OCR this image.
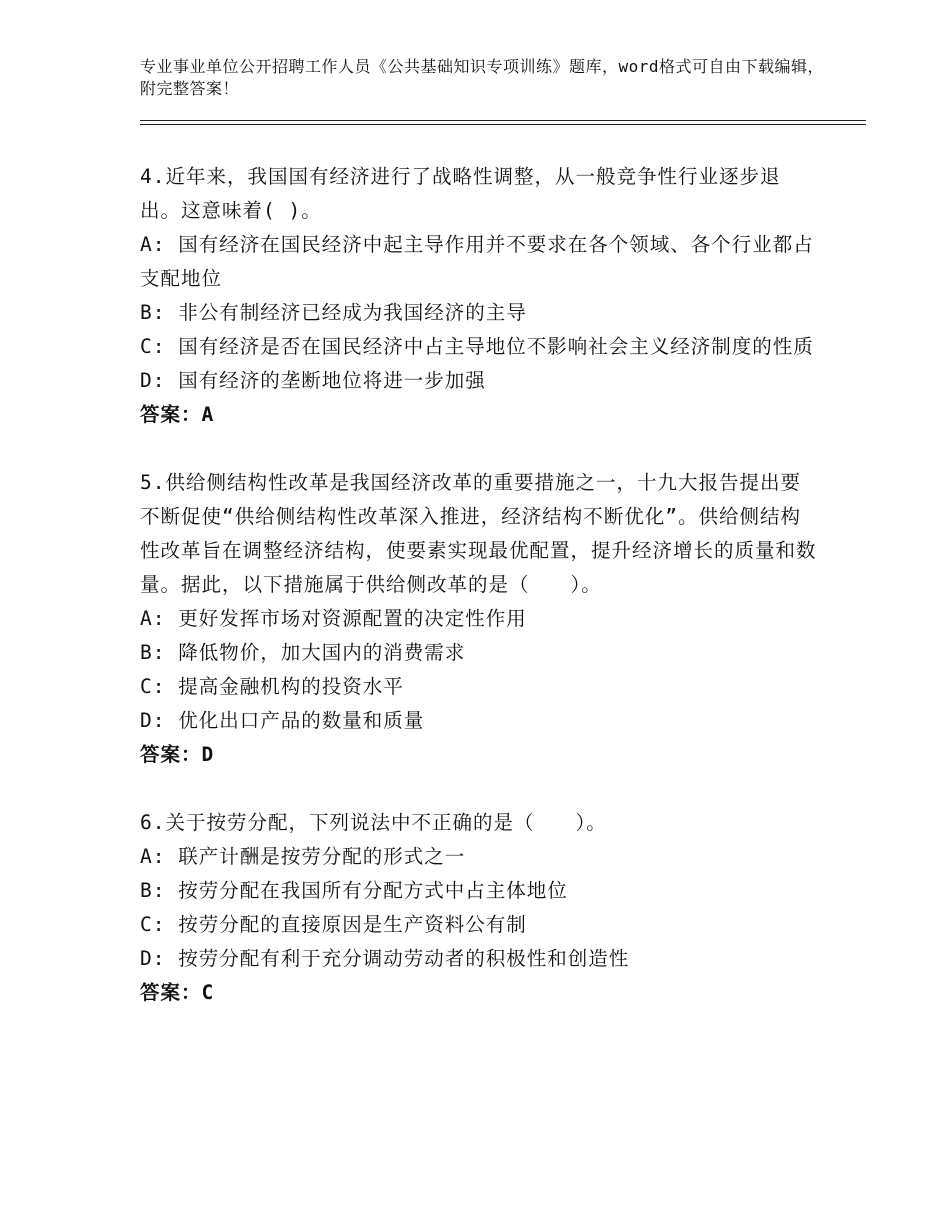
专业事业单位公开招聘工作人员《公共基础知识专项训练》题库，word格式可自由下载编辑，附完整答案！

4.近年来，我国国有经济进行了战略性调整，从一般竞争性行业逐步退出。这意味着( )。

A: 国有经济在国民经济中起主导作用并不要求在各个领域、各个行业都占支配地位

B: 非公有制经济已经成为我国经济的主导

C: 国有经济是否在国民经济中占主导地位不影响社会主义经济制度的性质

D: 国有经济的垄断地位将进一步加强

答案：A

5.供给侧结构性改革是我国经济改革的重要措施之一，十九大报告提出要不断促使“供给侧结构性改革深入推进，经济结构不断优化”。供给侧结构性改革旨在调整经济结构，使要素实现最优配置，提升经济增长的质量和数量。据此，以下措施属于供给侧改革的是（　　）。

A: 更好发挥市场对资源配置的决定性作用

B: 降低物价，加大国内的消费需求

C: 提高金融机构的投资水平

D: 优化出口产品的数量和质量

答案：D

6.关于按劳分配，下列说法中不正确的是（　　）。

A: 联产计酬是按劳分配的形式之一

B: 按劳分配在我国所有分配方式中占主体地位

C: 按劳分配的直接原因是生产资料公有制

D: 按劳分配有利于充分调动劳动者的积极性和创造性

答案：C
